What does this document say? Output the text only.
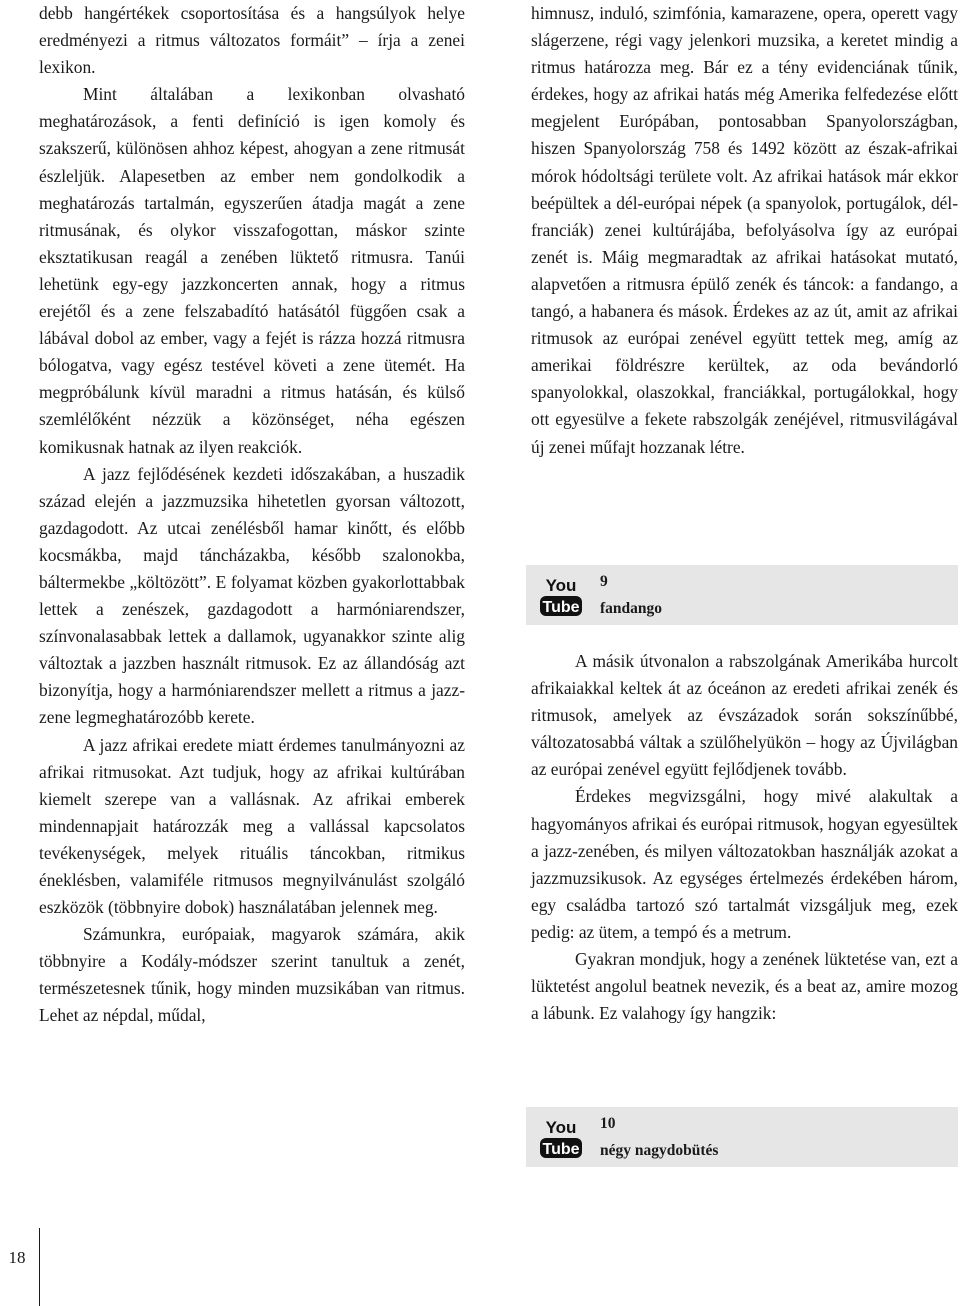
debb hangértékek csoportosítása és a hangsúlyok helye eredményezi a ritmus változatos formáit” – írja a zenei lexikon.

Mint általában a lexikonban olvasható meghatározások, a fenti definíció is igen komoly és szakszerű, különösen ahhoz képest, ahogyan a zene ritmusát észleljük. Alapesetben az ember nem gondolkodik a meghatározás tartalmán, egyszerűen átadja magát a zene ritmusának, és olykor visszafogottan, máskor szinte eksztatikusan reagál a zenében lüktető ritmusra. Tanúi lehetünk egy-egy jazzkoncerten annak, hogy a ritmus erejétől és a zene felszabadító hatásától függően csak a lábával dobol az ember, vagy a fejét is rázza hozzá ritmusra bólogatva, vagy egész testével követi a zene ütemét. Ha megpróbálunk kívül maradni a ritmus hatásán, és külső szemlélőként nézzük a közönséget, néha egészen komikusnak hatnak az ilyen reakciók.

A jazz fejlődésének kezdeti időszakában, a huszadik század elején a jazzmuzsika hihetetlen gyorsan változott, gazdagodott. Az utcai zenélésből hamar kinőtt, és előbb kocsmákba, majd táncházakba, később szalonokba, báltermekbe „költözött”. E folyamat közben gyakorlottabbak lettek a zenészek, gazdagodott a harmóniarendszer, színvonalasabbak lettek a dallamok, ugyanakkor szinte alig változtak a jazzben használt ritmusok. Ez az állandóság azt bizonyítja, hogy a harmóniarendszer mellett a ritmus a jazz-zene legmeghatározóbb kerete.

A jazz afrikai eredete miatt érdemes tanulmányozni az afrikai ritmusokat. Azt tudjuk, hogy az afrikai kultúrában kiemelt szerepe van a vallásnak. Az afrikai emberek mindennapjait határozzák meg a vallással kapcsolatos tevékenységek, melyek rituális táncokban, ritmikus éneklésben, valamiféle ritmusos megnyilvánulást szolgáló eszközök (többnyire dobok) használatában jelennek meg.

Számunkra, európaiak, magyarok számára, akik többnyire a Kodály-módszer szerint tanultuk a zenét, természetesnek tűnik, hogy minden muzsikában van ritmus. Lehet az népdal, műdal,

himnusz, induló, szimfónia, kamarazene, opera, operett vagy slágerzene, régi vagy jelenkori muzsika, a keretet mindig a ritmus határozza meg. Bár ez a tény evidenciának tűnik, érdekes, hogy az afrikai hatás még Amerika felfedezése előtt megjelent Európában, pontosabban Spanyolországban, hiszen Spanyolország 758 és 1492 között az észak-afrikai mórok hódoltsági területe volt. Az afrikai hatások már ekkor beépültek a dél-európai népek (a spanyolok, portugálok, dél-franciák) zenei kultúrájába, befolyásolva így az európai zenét is. Máig megmaradtak az afrikai hatásokat mutató, alapvetően a ritmusra épülő zenék és táncok: a fandango, a tangó, a habanera és mások. Érdekes az az út, amit az afrikai ritmusok az európai zenével együtt tettek meg, amíg az amerikai földrészre kerültek, az oda bevándorló spanyolokkal, olaszokkal, franciákkal, portugálokkal, hogy ott egyesülve a fekete rabszolgák zenéjével, ritmusvilágával új zenei műfajt hozzanak létre.

You
Tube
9
fandango

A másik útvonalon a rabszolgának Amerikába hurcolt afrikaiakkal keltek át az óceánon az eredeti afrikai zenék és ritmusok, amelyek az évszázadok során sokszínűbbé, változatosabbá váltak a szülőhelyükön – hogy az Újvilágban az európai zenével együtt fejlődjenek tovább.

Érdekes megvizsgálni, hogy mivé alakultak a hagyományos afrikai és európai ritmusok, hogyan egyesültek a jazz-zenében, és milyen változatokban használják azokat a jazzmuzsikusok. Az egységes értelmezés érdekében három, egy családba tartozó szó tartalmát vizsgáljuk meg, ezek pedig: az ütem, a tempó és a metrum.

Gyakran mondjuk, hogy a zenének lüktetése van, ezt a lüktetést angolul beatnek nevezik, és a beat az, amire mozog a lábunk. Ez valahogy így hangzik:

You
Tube
10
négy nagydobütés
18
